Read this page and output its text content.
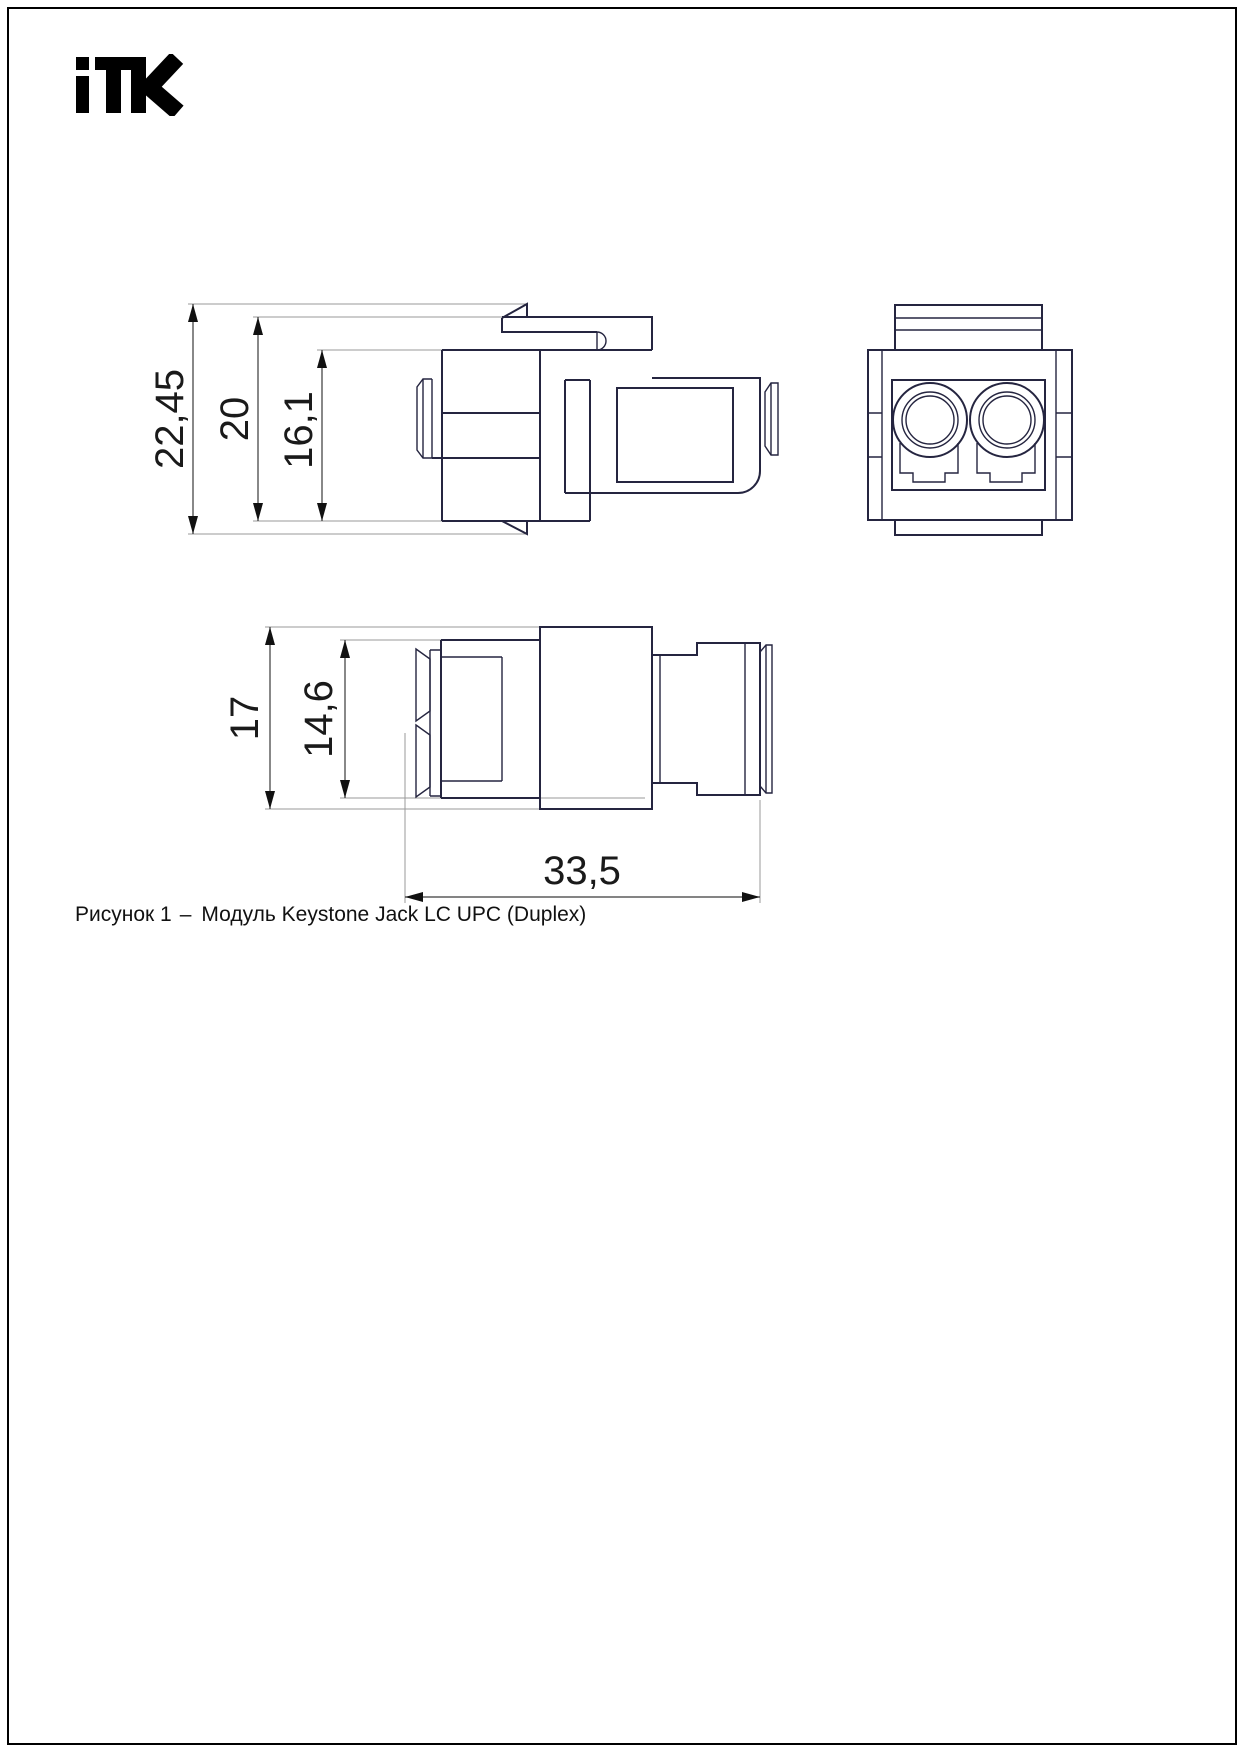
22,45 20 16,1
17 14,6
33,5
Рисунок 1 – Модуль Keystone Jack LC UPC (Duplex)
